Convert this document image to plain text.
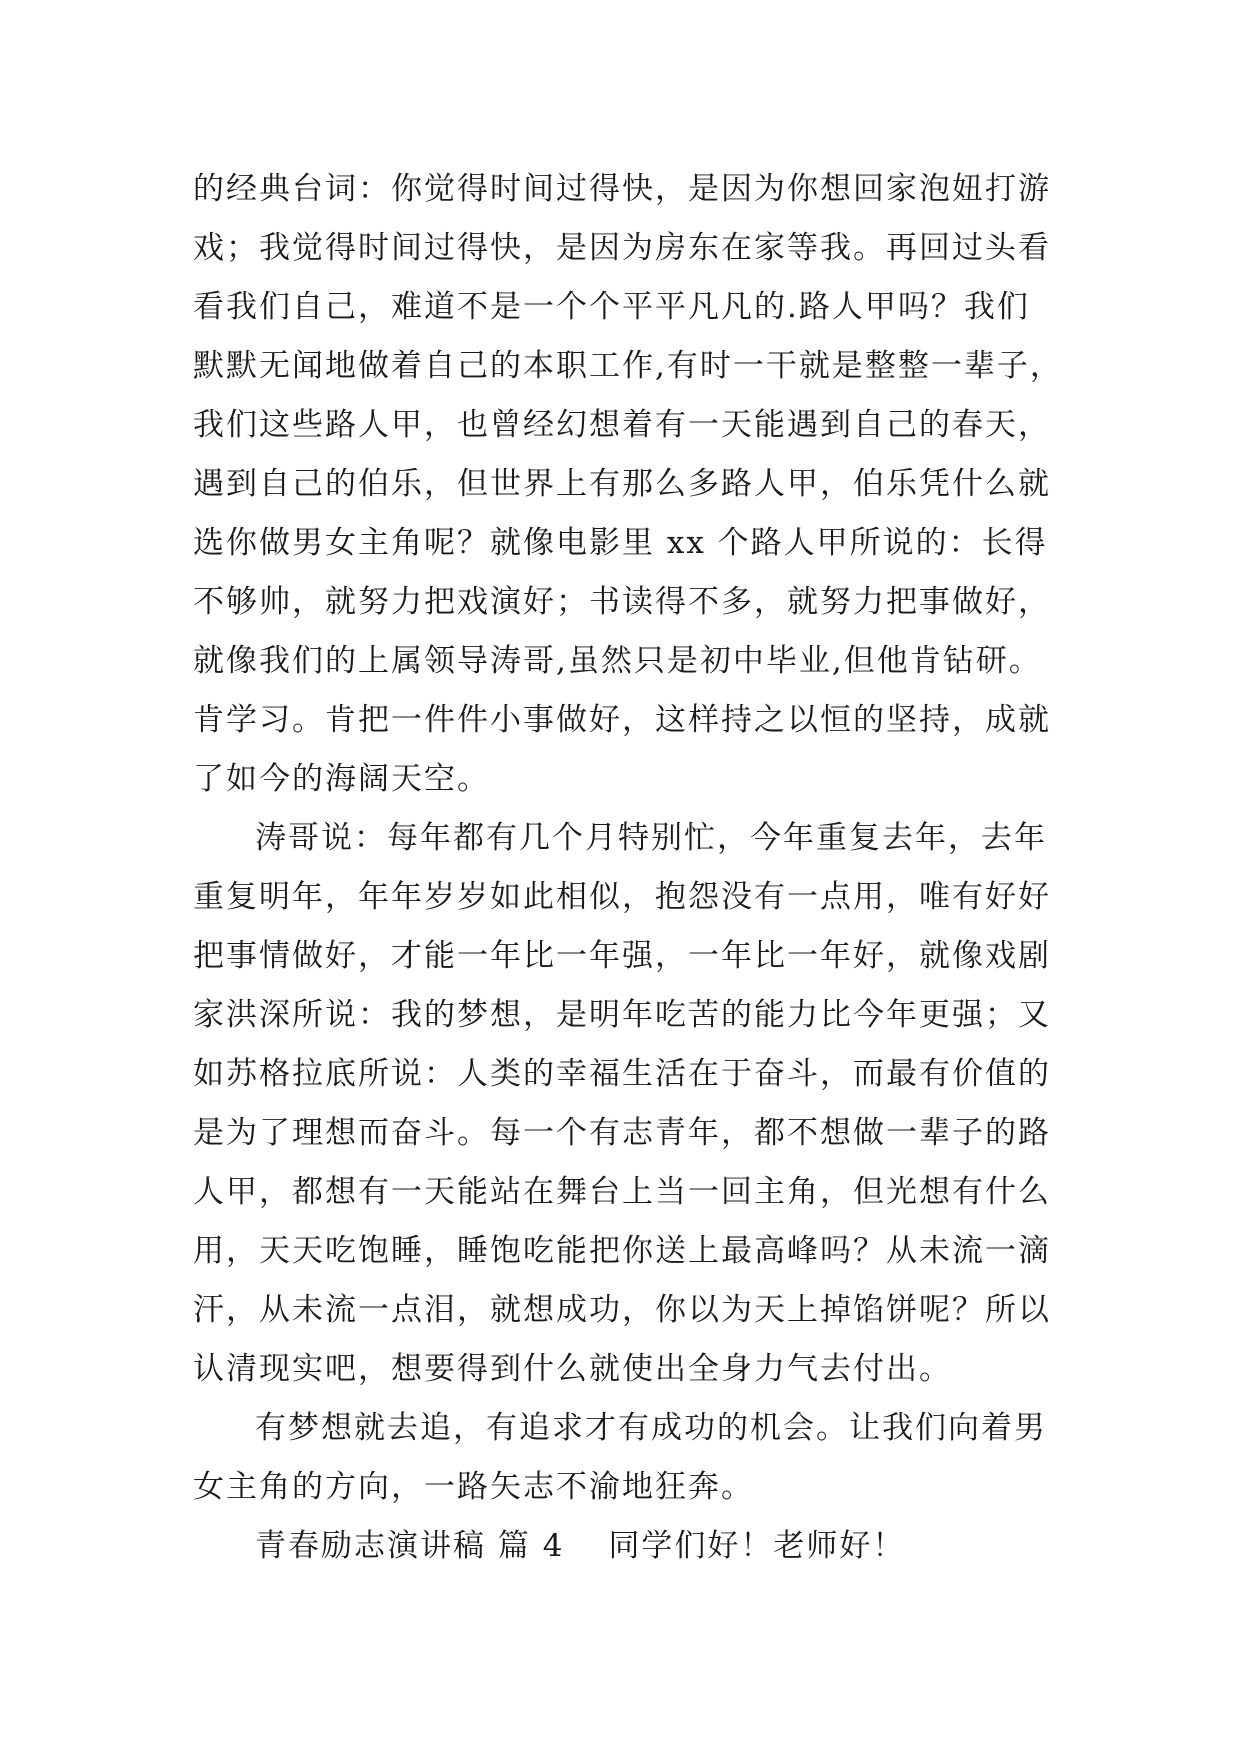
的经典台词：你觉得时间过得快，是因为你想回家泡妞打游
戏；我觉得时间过得快，是因为房东在家等我。再回过头看
看我们自己，难道不是一个个平平凡凡的.路人甲吗？我们
默默无闻地做着自己的本职工作,有时一干就是整整一辈子，
我们这些路人甲，也曾经幻想着有一天能遇到自己的春天，
遇到自己的伯乐，但世界上有那么多路人甲，伯乐凭什么就
选你做男女主角呢？就像电影里 xx 个路人甲所说的：长得
不够帅，就努力把戏演好；书读得不多，就努力把事做好，
就像我们的上属领导涛哥,虽然只是初中毕业,但他肯钻研。
肯学习。肯把一件件小事做好，这样持之以恒的坚持，成就
了如今的海阔天空。
涛哥说：每年都有几个月特别忙，今年重复去年，去年
重复明年，年年岁岁如此相似，抱怨没有一点用，唯有好好
把事情做好，才能一年比一年强，一年比一年好，就像戏剧
家洪深所说：我的梦想，是明年吃苦的能力比今年更强；又
如苏格拉底所说：人类的幸福生活在于奋斗，而最有价值的
是为了理想而奋斗。每一个有志青年，都不想做一辈子的路
人甲，都想有一天能站在舞台上当一回主角，但光想有什么
用，天天吃饱睡，睡饱吃能把你送上最高峰吗？从未流一滴
汗，从未流一点泪，就想成功，你以为天上掉馅饼呢？所以
认清现实吧，想要得到什么就使出全身力气去付出。
有梦想就去追，有追求才有成功的机会。让我们向着男
女主角的方向，一路矢志不渝地狂奔。
青春励志演讲稿 篇 4 同学们好！老师好！
